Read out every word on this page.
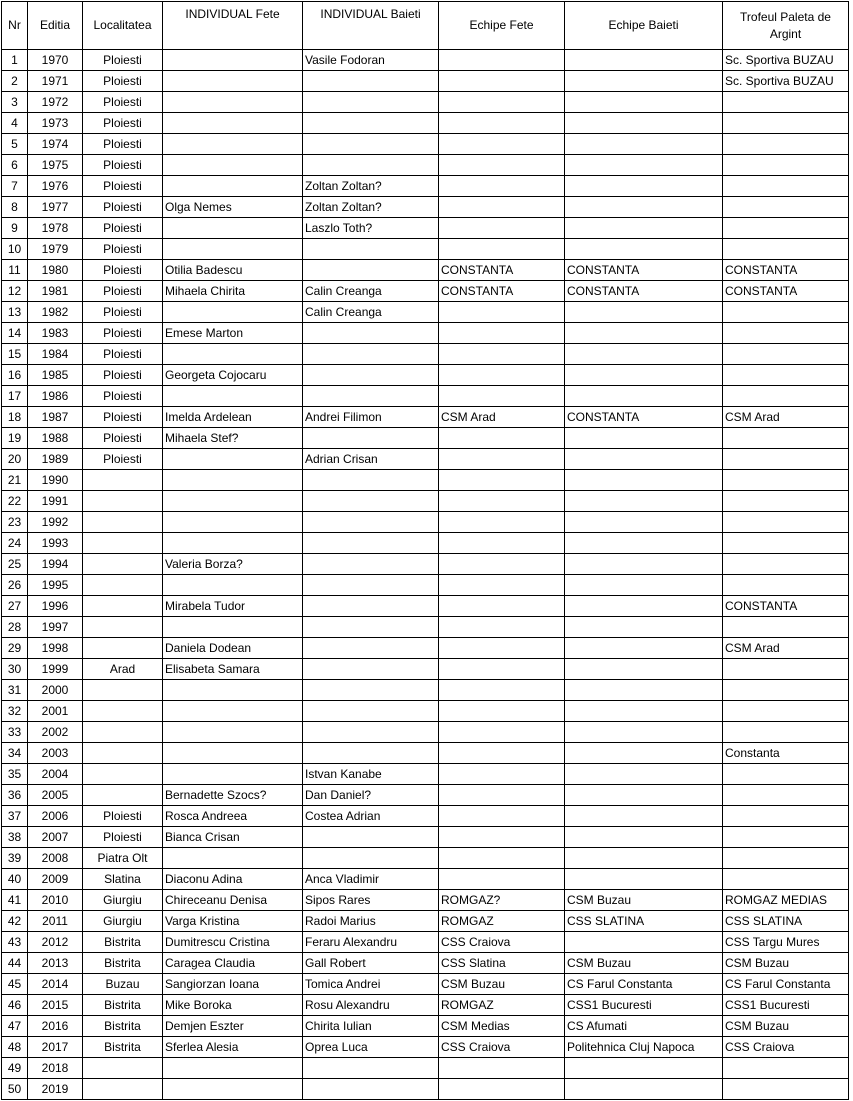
Nr	Editia	Localitatea	INDIVIDUAL Fete	INDIVIDUAL Baieti	Echipe Fete	Echipe Baieti	Trofeul Paleta de Argint
1	1970	Ploiesti		Vasile Fodoran			Sc. Sportiva BUZAU
2	1971	Ploiesti					Sc. Sportiva BUZAU
3	1972	Ploiesti					
4	1973	Ploiesti					
5	1974	Ploiesti					
6	1975	Ploiesti					
7	1976	Ploiesti		Zoltan Zoltan?			
8	1977	Ploiesti	Olga Nemes	Zoltan Zoltan?			
9	1978	Ploiesti		Laszlo Toth?			
10	1979	Ploiesti					
11	1980	Ploiesti	Otilia Badescu		CONSTANTA	CONSTANTA	CONSTANTA
12	1981	Ploiesti	Mihaela Chirita	Calin Creanga	CONSTANTA	CONSTANTA	CONSTANTA
13	1982	Ploiesti		Calin Creanga			
14	1983	Ploiesti	Emese Marton				
15	1984	Ploiesti					
16	1985	Ploiesti	Georgeta Cojocaru				
17	1986	Ploiesti					
18	1987	Ploiesti	Imelda Ardelean	Andrei Filimon	CSM Arad	CONSTANTA	CSM Arad
19	1988	Ploiesti	Mihaela Stef?				
20	1989	Ploiesti		Adrian Crisan			
21	1990						
22	1991						
23	1992						
24	1993						
25	1994		Valeria Borza?				
26	1995						
27	1996		Mirabela Tudor				CONSTANTA
28	1997						
29	1998		Daniela Dodean				CSM Arad
30	1999	Arad	Elisabeta Samara				
31	2000						
32	2001						
33	2002						
34	2003						Constanta
35	2004			Istvan Kanabe			
36	2005		Bernadette Szocs?	Dan Daniel?			
37	2006	Ploiesti	Rosca Andreea	Costea Adrian			
38	2007	Ploiesti	Bianca Crisan				
39	2008	Piatra Olt					
40	2009	Slatina	Diaconu Adina	Anca Vladimir			
41	2010	Giurgiu	Chireceanu Denisa	Sipos Rares	ROMGAZ?	CSM Buzau	ROMGAZ MEDIAS
42	2011	Giurgiu	Varga Kristina	Radoi Marius	ROMGAZ	CSS SLATINA	CSS SLATINA
43	2012	Bistrita	Dumitrescu Cristina	Feraru Alexandru	CSS Craiova		CSS Targu Mures
44	2013	Bistrita	Caragea Claudia	Gall Robert	CSS Slatina	CSM Buzau	CSM Buzau
45	2014	Buzau	Sangiorzan Ioana	Tomica Andrei	CSM Buzau	CS Farul Constanta	CS Farul Constanta
46	2015	Bistrita	Mike Boroka	Rosu Alexandru	ROMGAZ	CSS1 Bucuresti	CSS1 Bucuresti
47	2016	Bistrita	Demjen Eszter	Chirita Iulian	CSM Medias	CS Afumati	CSM Buzau
48	2017	Bistrita	Sferlea Alesia	Oprea Luca	CSS Craiova	Politehnica Cluj Napoca	CSS Craiova
49	2018						
50	2019						
